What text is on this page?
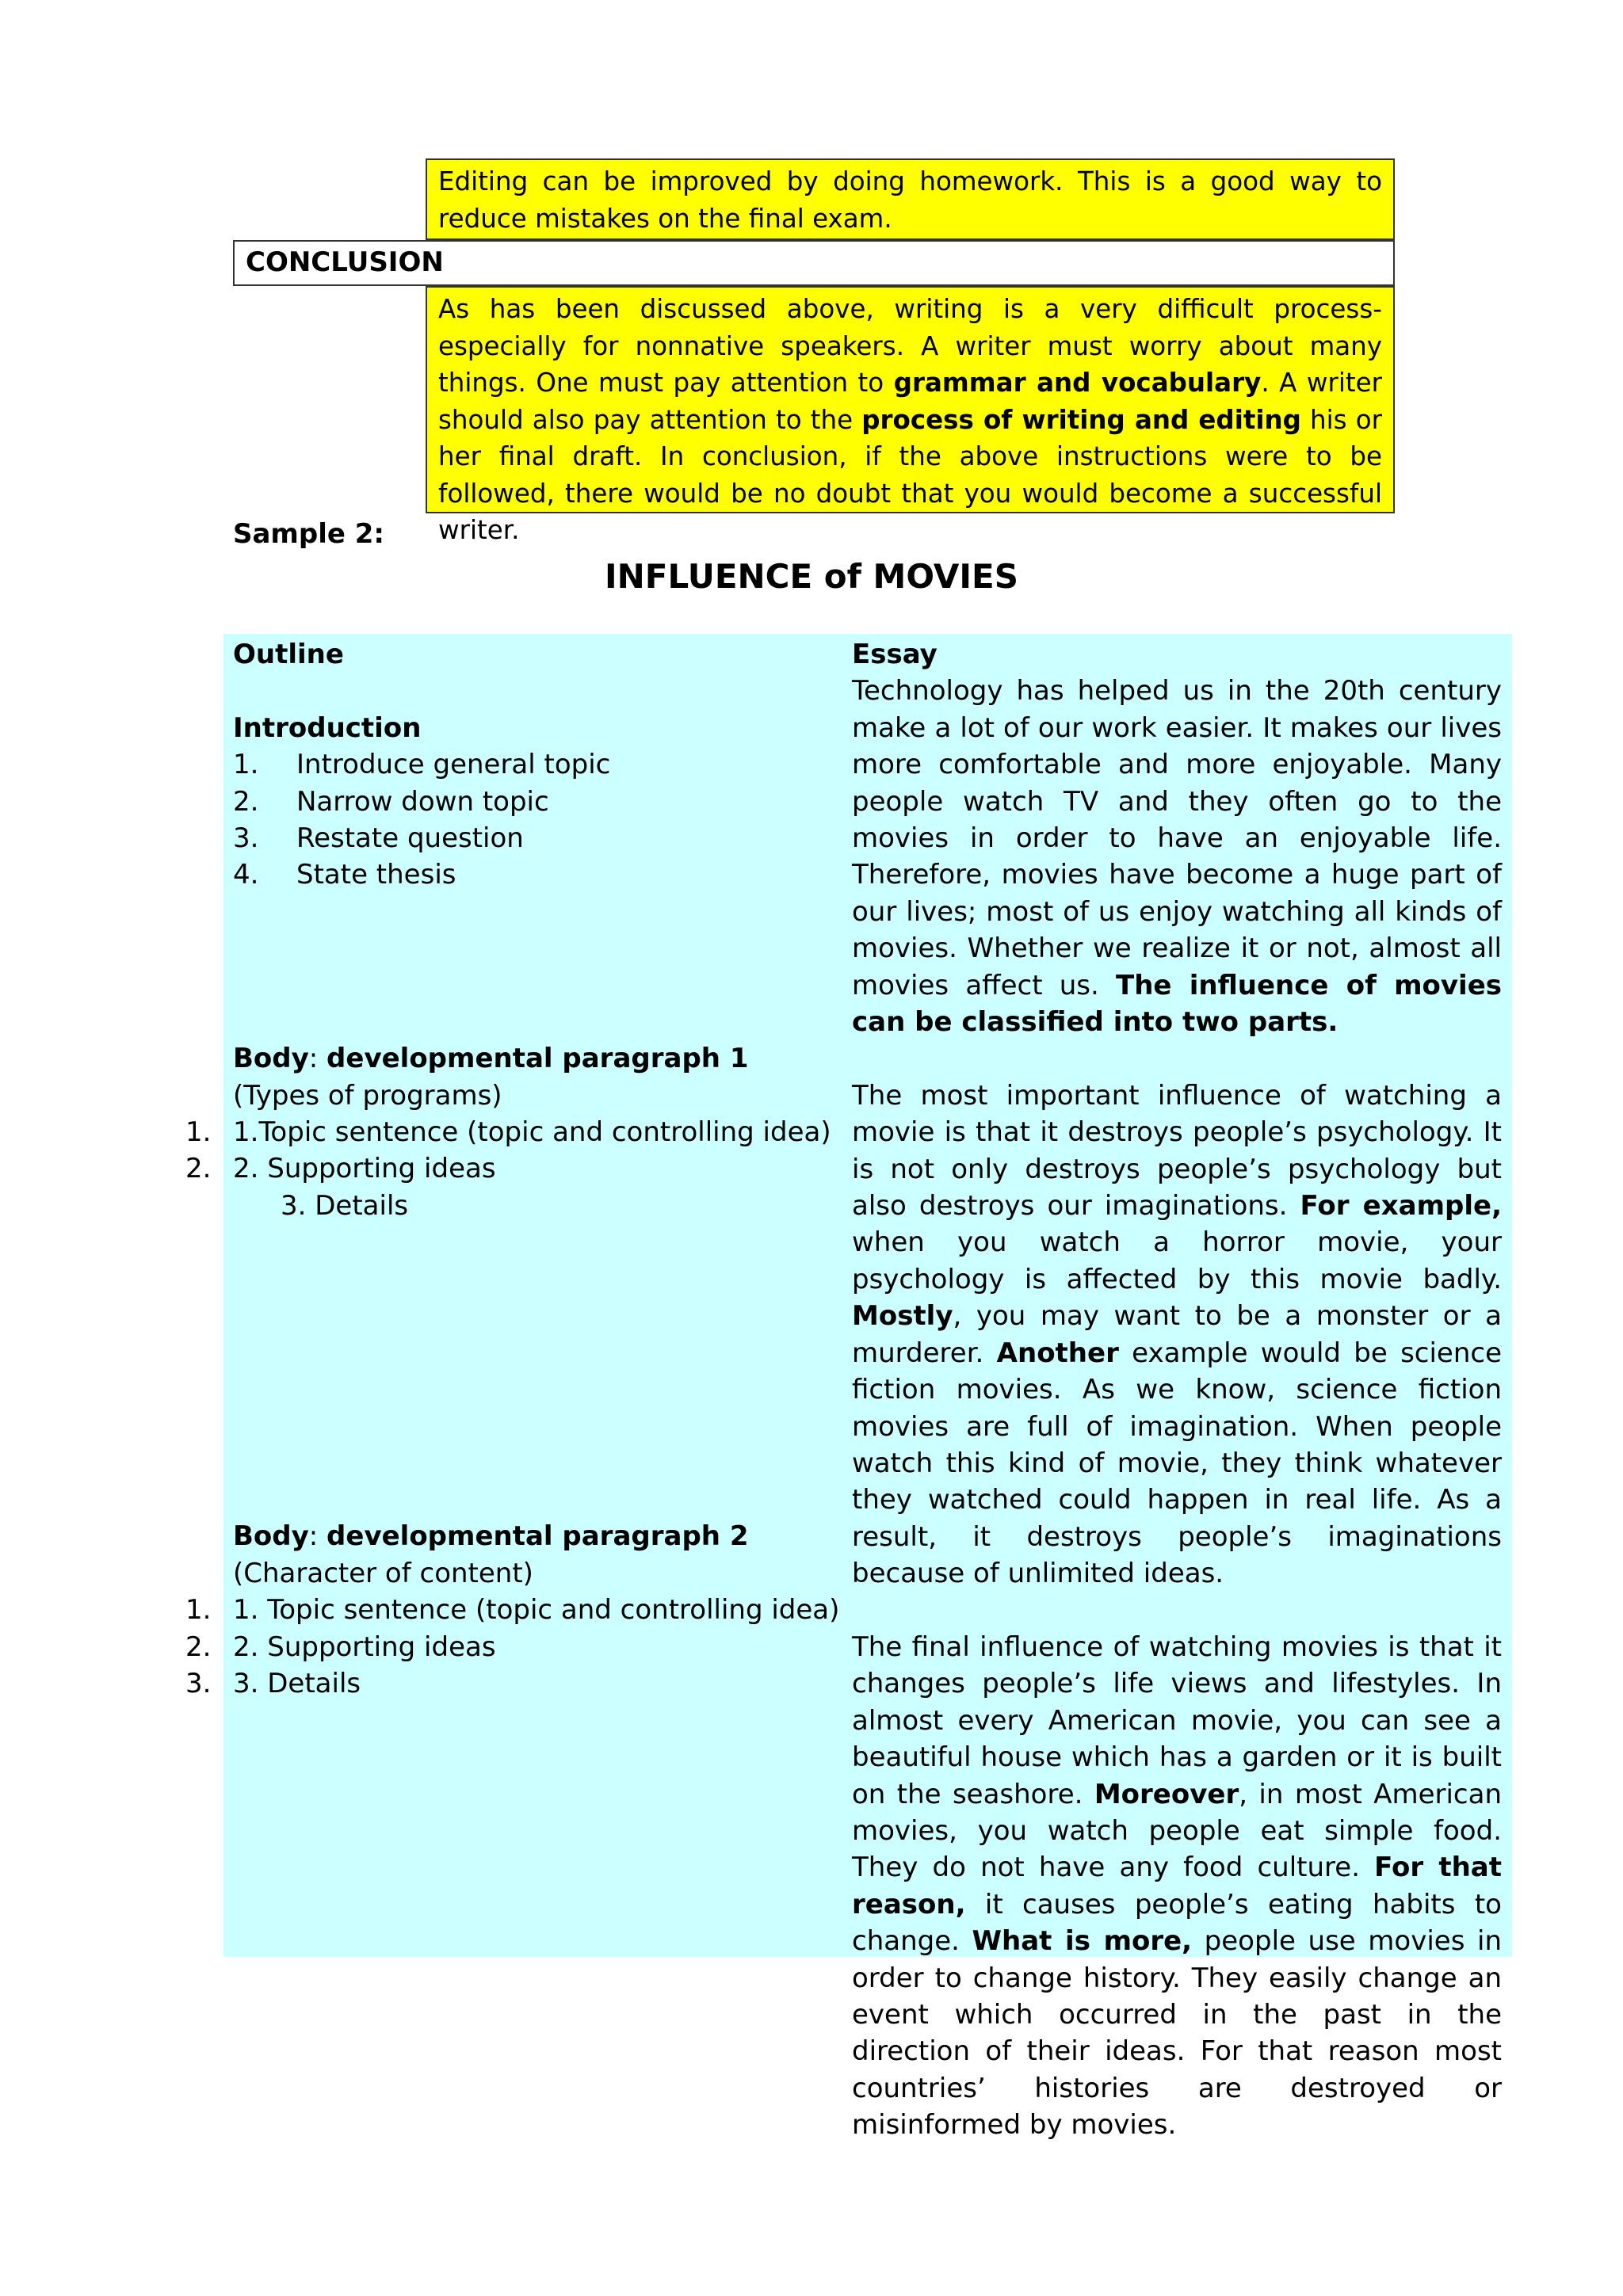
Editing can be improved by doing homework. This is a good way to reduce mistakes on the final exam.
CONCLUSION
As has been discussed above, writing is a very difficult process-especially for nonnative speakers. A writer must worry about many things. One must pay attention to grammar and vocabulary. A writer should also pay attention to the process of writing and editing his or her final draft. In conclusion, if the above instructions were to be followed, there would be no doubt that you would become a successful writer.
Sample 2:
INFLUENCE of MOVIES
Outline
Introduction
1. Introduce general topic
2. Narrow down topic
3. Restate question
4. State thesis
Body: developmental paragraph 1
(Types of programs)
1. 1.Topic sentence (topic and controlling idea)
2. 2. Supporting ideas
3. Details
Body: developmental paragraph 2
(Character of content)
1. 1. Topic sentence (topic and controlling idea)
2. 2. Supporting ideas
3. 3. Details

Essay

Technology has helped us in the 20th century make a lot of our work easier. It makes our lives more comfortable and more enjoyable. Many people watch TV and they often go to the movies in order to have an enjoyable life. Therefore, movies have become a huge part of our lives; most of us enjoy watching all kinds of movies. Whether we realize it or not, almost all movies affect us. The influence of movies can be classified into two parts.

The most important influence of watching a movie is that it destroys people’s psychology. It is not only destroys people’s psychology but also destroys our imaginations. For example, when you watch a horror movie, your psychology is affected by this movie badly. Mostly, you may want to be a monster or a murderer. Another example would be science fiction movies. As we know, science fiction movies are full of imagination. When people watch this kind of movie, they think whatever they watched could happen in real life. As a result, it destroys people’s imaginations because of unlimited ideas.

The final influence of watching movies is that it changes people’s life views and lifestyles. In almost every American movie, you can see a beautiful house which has a garden or it is built on the seashore. Moreover, in most American movies, you watch people eat simple food. They do not have any food culture. For that reason, it causes people’s eating habits to change. What is more, people use movies in order to change history. They easily change an event which occurred in the past in the direction of their ideas. For that reason most countries’ histories are destroyed or misinformed by movies.
